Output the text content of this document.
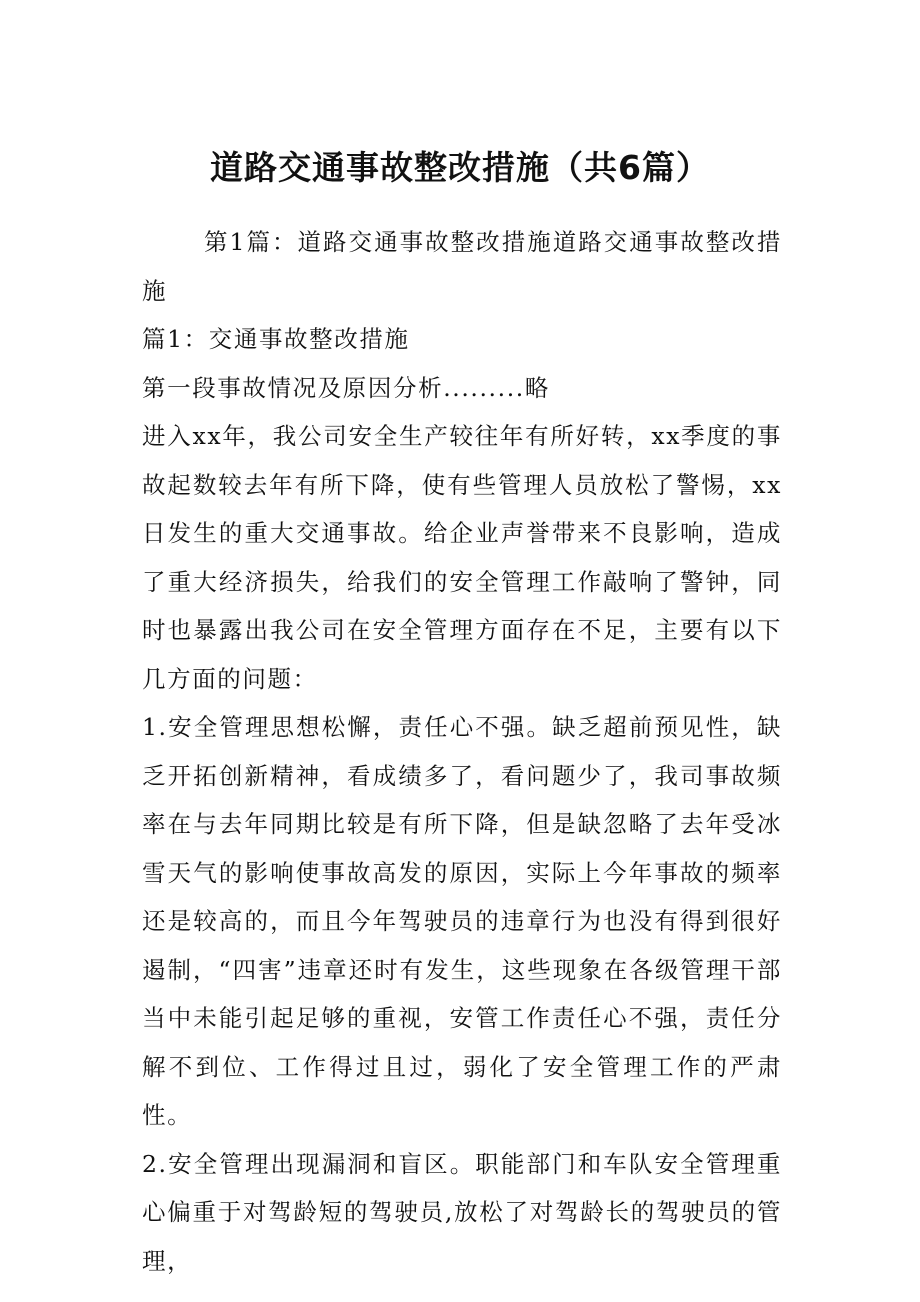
道路交通事故整改措施（共6篇）

第1篇：道路交通事故整改措施道路交通事故整改措施

篇1：交通事故整改措施

第一段事故情况及原因分析.........略

进入xx年，我公司安全生产较往年有所好转，xx季度的事故起数较去年有所下降，使有些管理人员放松了警惕，xx日发生的重大交通事故。给企业声誉带来不良影响，造成了重大经济损失，给我们的安全管理工作敲响了警钟，同时也暴露出我公司在安全管理方面存在不足，主要有以下几方面的问题：

1.安全管理思想松懈，责任心不强。缺乏超前预见性，缺乏开拓创新精神，看成绩多了，看问题少了，我司事故频率在与去年同期比较是有所下降，但是缺忽略了去年受冰雪天气的影响使事故高发的原因，实际上今年事故的频率还是较高的，而且今年驾驶员的违章行为也没有得到很好遏制，“四害”违章还时有发生，这些现象在各级管理干部当中未能引起足够的重视，安管工作责任心不强，责任分解不到位、工作得过且过，弱化了安全管理工作的严肃性。

2.安全管理出现漏洞和盲区。职能部门和车队安全管理重心偏重于对驾龄短的驾驶员,放松了对驾龄长的驾驶员的管理，
